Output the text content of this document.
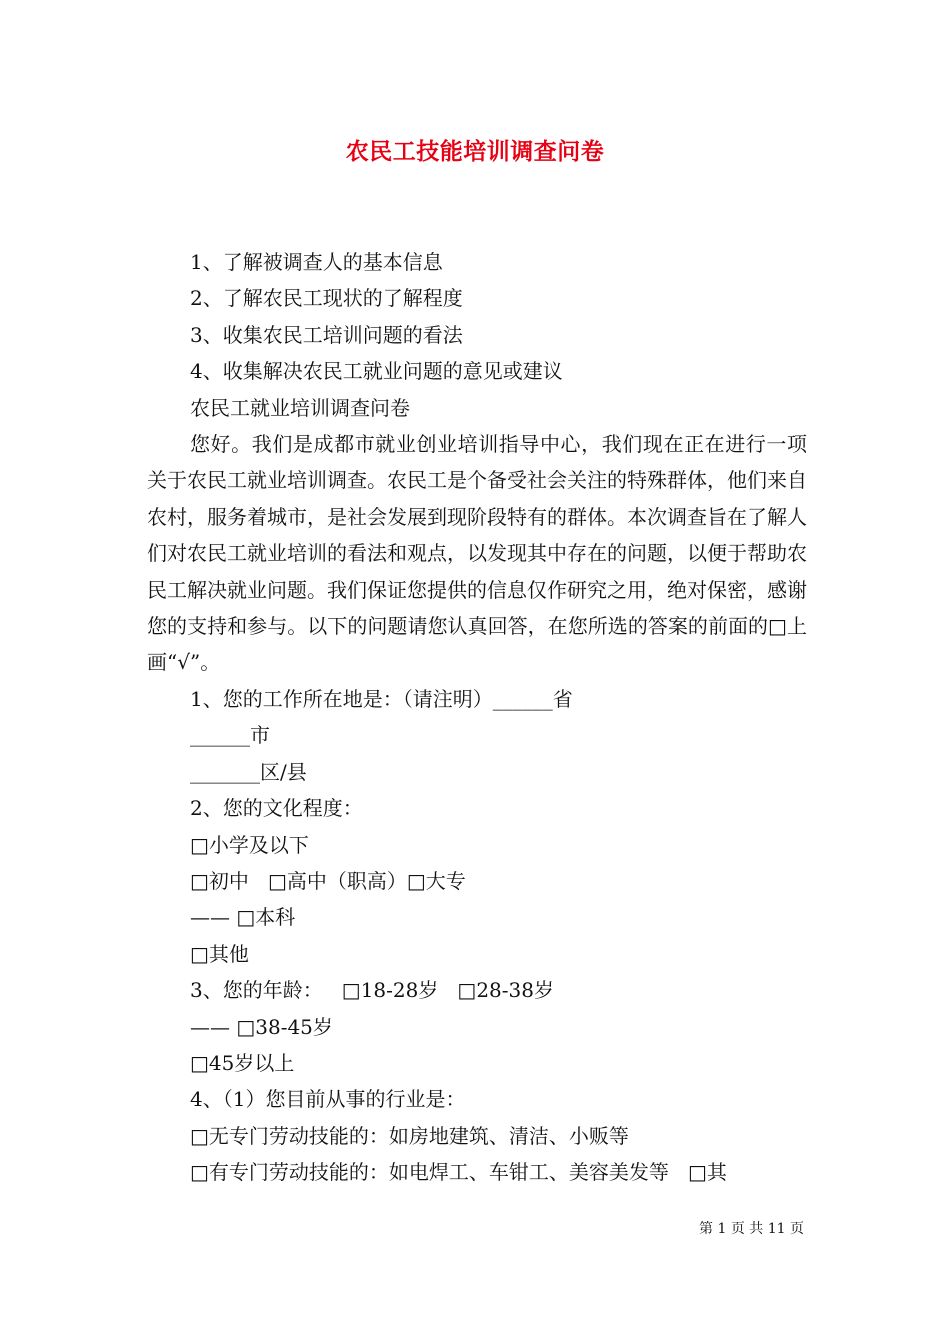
农民工技能培训调查问卷
1、了解被调查人的基本信息
2、了解农民工现状的了解程度
3、收集农民工培训问题的看法
4、收集解决农民工就业问题的意见或建议
农民工就业培训调查问卷

您好。我们是成都市就业创业培训指导中心，我们现在正在进行一项关于农民工就业培训调查。农民工是个备受社会关注的特殊群体，他们来自农村，服务着城市，是社会发展到现阶段特有的群体。本次调查旨在了解人们对农民工就业培训的看法和观点，以发现其中存在的问题，以便于帮助农民工解决就业问题。我们保证您提供的信息仅作研究之用，绝对保密，感谢您的支持和参与。以下的问题请您认真回答，在您所选的答案的前面的□上画“√”。

1、您的工作所在地是：（请注明）______省
______市
_______区/县
2、您的文化程度：
□小学及以下
□初中   □高中（职高）□大专
—— □本科
□其他
3、您的年龄：   □18-28岁   □28-38岁
—— □38-45岁
□45岁以上
4、（1）您目前从事的行业是：
□无专门劳动技能的：如房地建筑、清洁、小贩等
□有专门劳动技能的：如电焊工、车钳工、美容美发等   □其
第 1 页 共 11 页
